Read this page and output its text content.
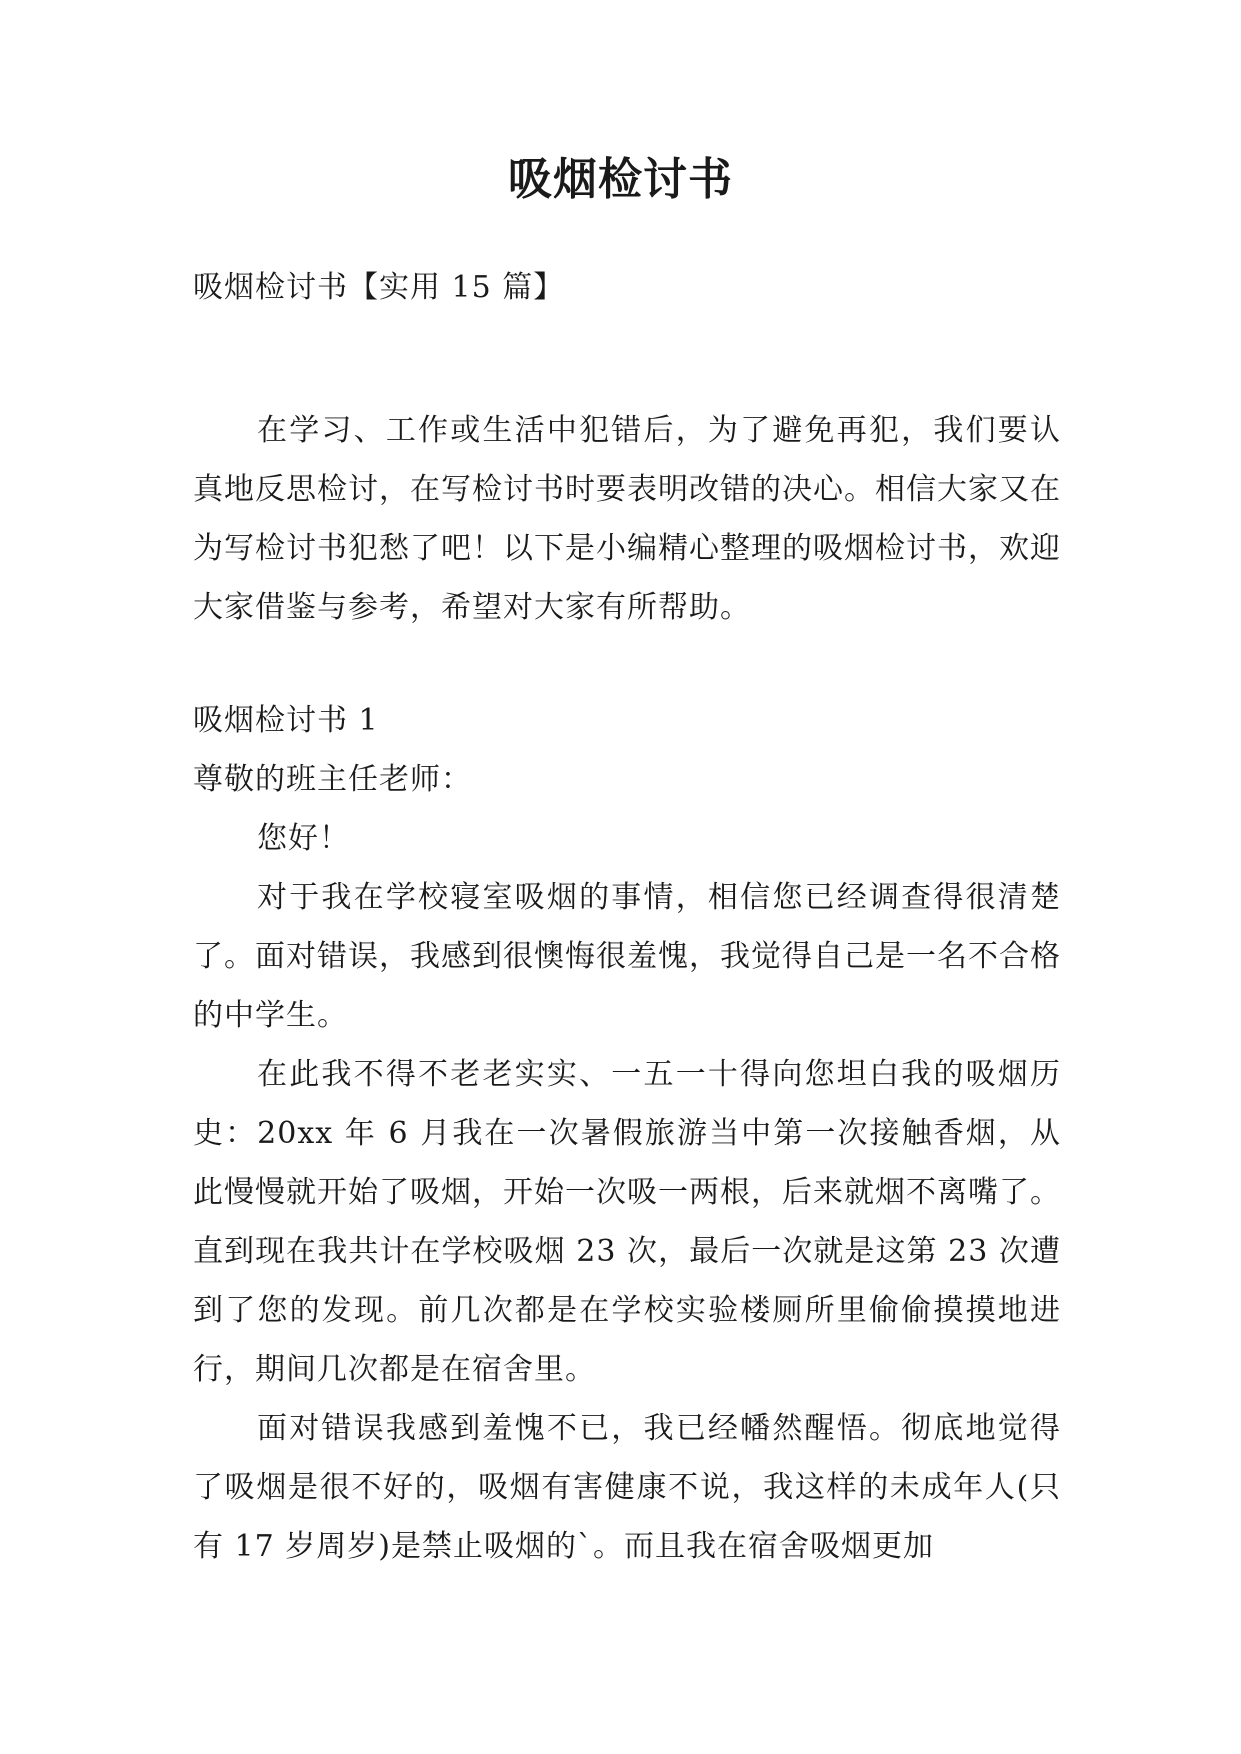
吸烟检讨书
吸烟检讨书【实用 15 篇】

在学习、工作或生活中犯错后，为了避免再犯，我们要认真地反思检讨，在写检讨书时要表明改错的决心。相信大家又在为写检讨书犯愁了吧！以下是小编精心整理的吸烟检讨书，欢迎大家借鉴与参考，希望对大家有所帮助。

吸烟检讨书 1

尊敬的班主任老师：

您好！

对于我在学校寝室吸烟的事情，相信您已经调查得很清楚了。面对错误，我感到很懊悔很羞愧，我觉得自己是一名不合格的中学生。

在此我不得不老老实实、一五一十得向您坦白我的吸烟历史：20xx 年 6 月我在一次暑假旅游当中第一次接触香烟，从此慢慢就开始了吸烟，开始一次吸一两根，后来就烟不离嘴了。直到现在我共计在学校吸烟 23 次，最后一次就是这第 23 次遭到了您的发现。前几次都是在学校实验楼厕所里偷偷摸摸地进行，期间几次都是在宿舍里。

面对错误我感到羞愧不已，我已经幡然醒悟。彻底地觉得了吸烟是很不好的，吸烟有害健康不说，我这样的未成年人(只有 17 岁周岁)是禁止吸烟的`。而且我在宿舍吸烟更加
